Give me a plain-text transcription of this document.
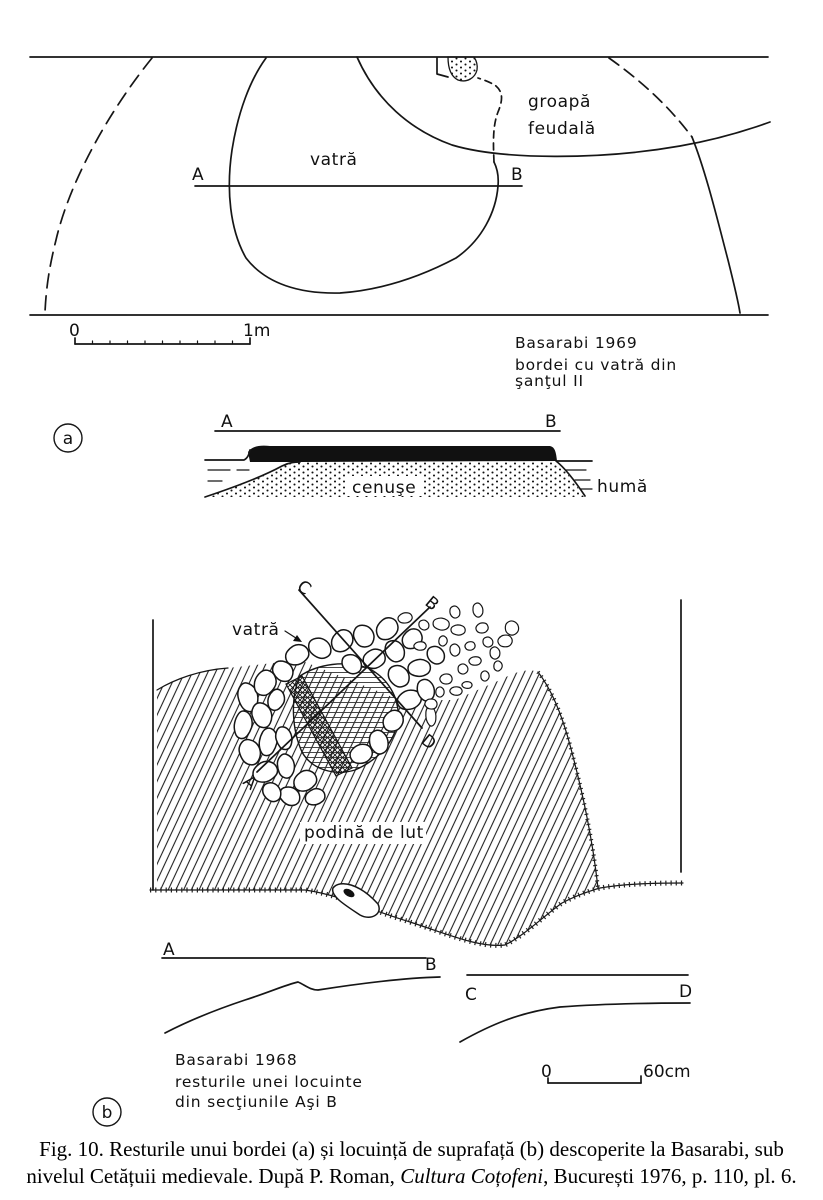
groapă
feudală
vatră
A	B
0	1m
Basarabi 1969
bordei cu vatră din
şanţul II
a
A	B
cenuşe	humă
C
D
A
B
vatră
podină de lut
A
B
C	D
Basarabi 1968
resturile unei locuinte
din secţiunile Aşi B
0	60cm
b
Fig. 10. Resturile unui bordei (a) și locuință de suprafață (b) descoperite la Basarabi, sub
nivelul Cetățuii medievale. După P. Roman, Cultura Coțofeni, București 1976, p. 110, pl. 6.
